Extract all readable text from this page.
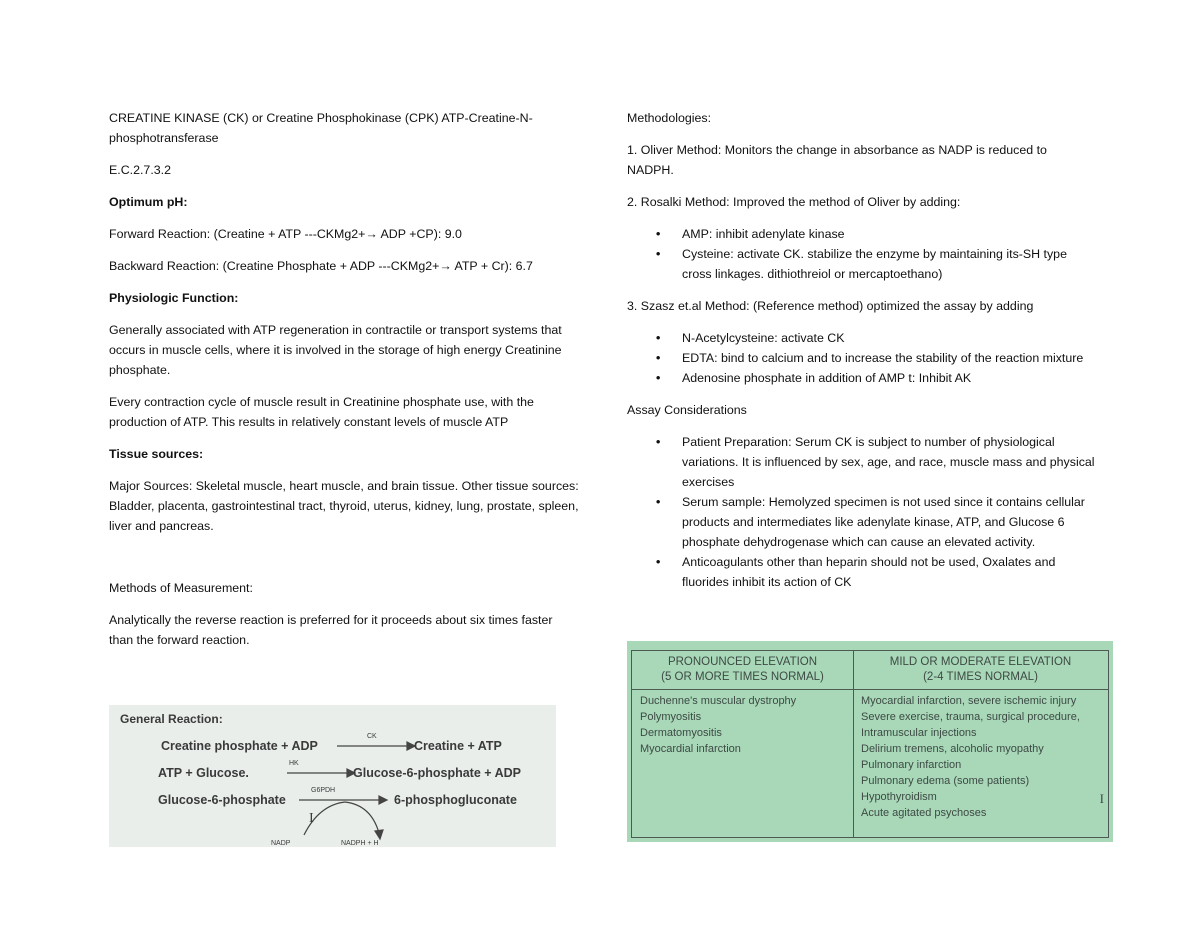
CREATINE KINASE (CK) or Creatine Phosphokinase (CPK) ATP-Creatine-N-phosphotransferase

E.C.2.7.3.2

Optimum pH:

Forward Reaction: (Creatine + ATP ---CKMg2+→ ADP +CP): 9.0

Backward Reaction: (Creatine Phosphate + ADP ---CKMg2+→ ATP + Cr): 6.7

Physiologic Function:

Generally associated with ATP regeneration in contractile or transport systems that occurs in muscle cells, where it is involved in the storage of high energy Creatinine phosphate.

Every contraction cycle of muscle result in Creatinine phosphate use, with the production of ATP. This results in relatively constant levels of muscle ATP

Tissue sources:

Major Sources: Skeletal muscle, heart muscle, and brain tissue. Other tissue sources: Bladder, placenta, gastrointestinal tract, thyroid, uterus, kidney, lung, prostate, spleen, liver and pancreas.

Methods of Measurement:

Analytically the reverse reaction is preferred for it proceeds about six times faster than the forward reaction.

General Reaction:
Creatine phosphate + ADP
CK
Creatine + ATP
ATP + Glucose.
HK
Glucose-6-phosphate + ADP
Glucose-6-phosphate
G6PDH
6-phosphogluconate
I
NADP	NADPH + H

Methodologies:

1. Oliver Method: Monitors the change in absorbance as NADP is reduced to NADPH.

2. Rosalki Method: Improved the method of Oliver by adding:

• AMP: inhibit adenylate kinase
• Cysteine: activate CK. stabilize the enzyme by maintaining its-SH type cross linkages. dithiothreiol or mercaptoethano)

3. Szasz et.al Method: (Reference method) optimized the assay by adding

• N-Acetylcysteine: activate CK
• EDTA: bind to calcium and to increase the stability of the reaction mixture
• Adenosine phosphate in addition of AMP t: Inhibit AK

Assay Considerations

• Patient Preparation: Serum CK is subject to number of physiological variations. It is influenced by sex, age, and race, muscle mass and physical exercises
• Serum sample: Hemolyzed specimen is not used since it contains cellular products and intermediates like adenylate kinase, ATP, and Glucose 6 phosphate dehydrogenase which can cause an elevated activity.
• Anticoagulants other than heparin should not be used, Oxalates and fluorides inhibit its action of CK
PRONOUNCED ELEVATION
(5 OR MORE TIMES NORMAL)
MILD OR MODERATE ELEVATION
(2-4 TIMES NORMAL)
Duchenne's muscular dystrophy
Polymyositis
Dermatomyositis
Myocardial infarction
Myocardial infarction, severe ischemic injury
Severe exercise, trauma, surgical procedure,
Intramuscular injections
Delirium tremens, alcoholic myopathy
Pulmonary infarction
Pulmonary edema (some patients)
Hypothyroidism
Acute agitated psychoses
I
